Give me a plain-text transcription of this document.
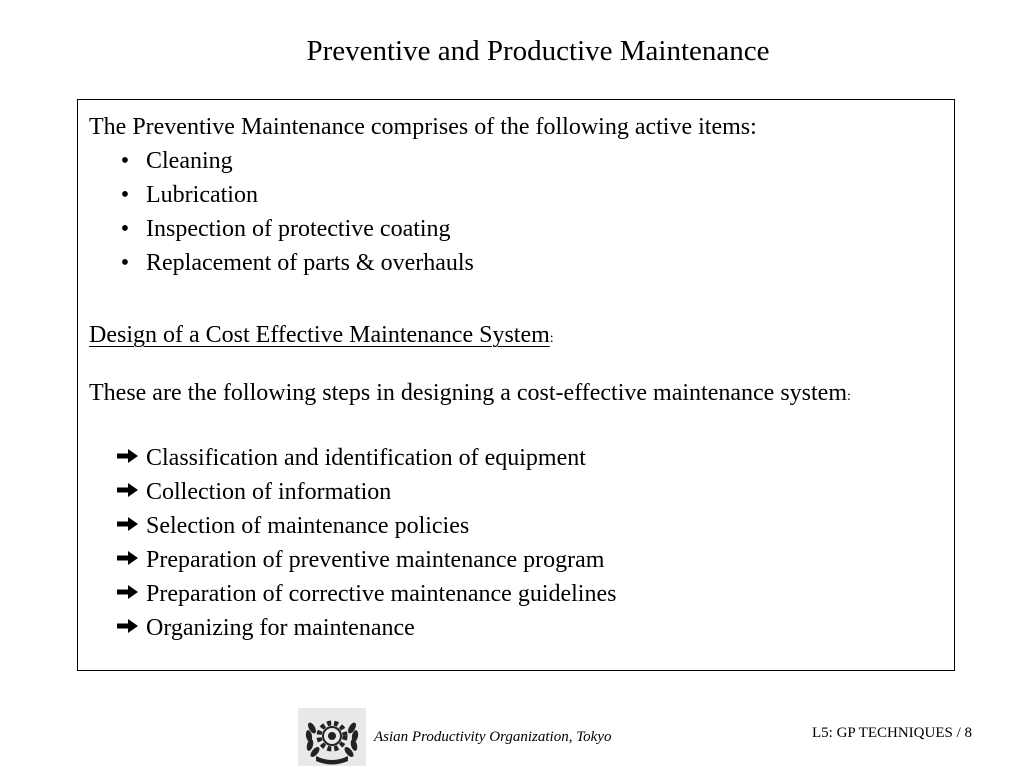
Preventive and Productive Maintenance

The Preventive Maintenance comprises of the following active items:

• Cleaning
• Lubrication
• Inspection of protective coating
• Replacement of parts & overhauls

Design of a Cost Effective Maintenance System:

These are the following steps in designing a cost-effective maintenance system:

Classification and identification of equipment
Collection of information
Selection of maintenance policies
Preparation of preventive maintenance program
Preparation of corrective maintenance guidelines
Organizing for maintenance
Asian Productivity Organization, Tokyo	L5: GP TECHNIQUES / 8
